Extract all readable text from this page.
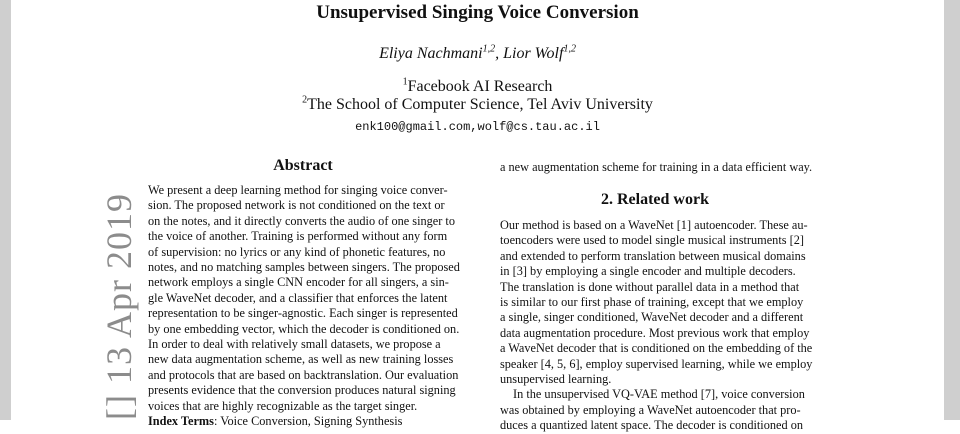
[] 13 Apr 2019
Unsupervised Singing Voice Conversion
Eliya Nachmani$^{1,2}$, Lior Wolf$^{1,2}$
$^1$Facebook AI Research
$^2$The School of Computer Science, Tel Aviv University
enk100@gmail.com,wolf@cs.tau.ac.il
Abstract
We present a deep learning method for singing voice conver-
sion. The proposed network is not conditioned on the text or
on the notes, and it directly converts the audio of one singer to
the voice of another. Training is performed without any form
of supervision: no lyrics or any kind of phonetic features, no
notes, and no matching samples between singers. The proposed
network employs a single CNN encoder for all singers, a sin-
gle WaveNet decoder, and a classifier that enforces the latent
representation to be singer-agnostic. Each singer is represented
by one embedding vector, which the decoder is conditioned on.
In order to deal with relatively small datasets, we propose a
new data augmentation scheme, as well as new training losses
and protocols that are based on backtranslation. Our evaluation
presents evidence that the conversion produces natural signing
voices that are highly recognizable as the target singer.
Index Terms: Voice Conversion, Signing Synthesis
a new augmentation scheme for training in a data efficient way.
2. Related work
Our method is based on a WaveNet [1] autoencoder. These au-
toencoders were used to model single musical instruments [2]
and extended to perform translation between musical domains
in [3] by employing a single encoder and multiple decoders.
The translation is done without parallel data in a method that
is similar to our first phase of training, except that we employ
a single, singer conditioned, WaveNet decoder and a different
data augmentation procedure. Most previous work that employ
a WaveNet decoder that is conditioned on the embedding of the
speaker [4, 5, 6], employ supervised learning, while we employ
unsupervised learning.
In the unsupervised VQ-VAE method [7], voice conversion
was obtained by employing a WaveNet autoencoder that pro-
duces a quantized latent space. The decoder is conditioned on
